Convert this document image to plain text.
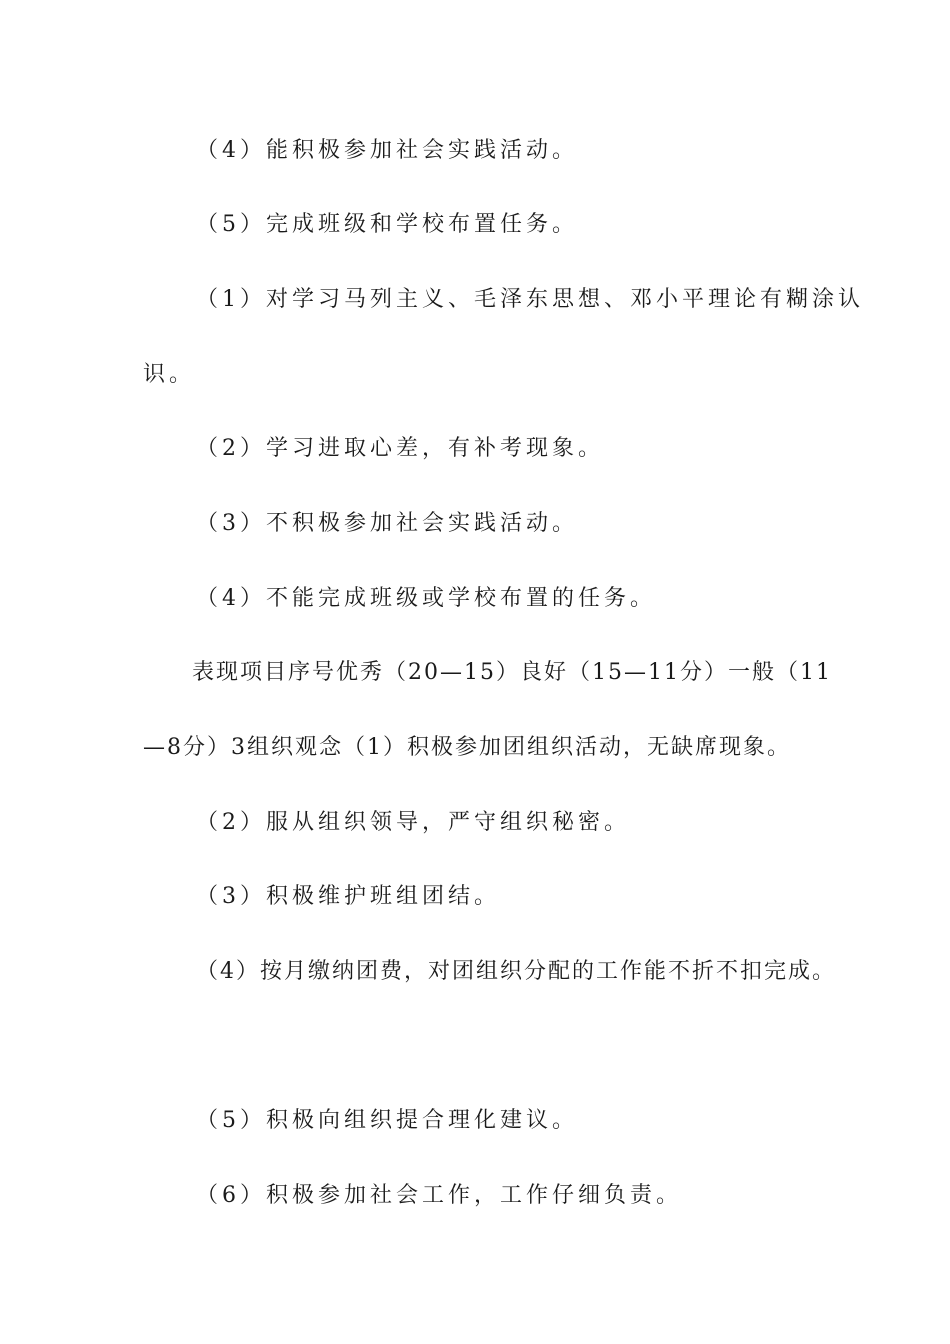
（4）能积极参加社会实践活动。
（5）完成班级和学校布置任务。
（1）对学习马列主义、毛泽东思想、邓小平理论有糊涂认
识。
（2）学习进取心差，有补考现象。
（3）不积极参加社会实践活动。
（4）不能完成班级或学校布置的任务。
表现项目序号优秀（20—15）良好（15—11分）一般（11
—8分）3组织观念（1）积极参加团组织活动，无缺席现象。
（2）服从组织领导，严守组织秘密。
（3）积极维护班组团结。
（4）按月缴纳团费，对团组织分配的工作能不折不扣完成。
（5）积极向组织提合理化建议。
（6）积极参加社会工作，工作仔细负责。
